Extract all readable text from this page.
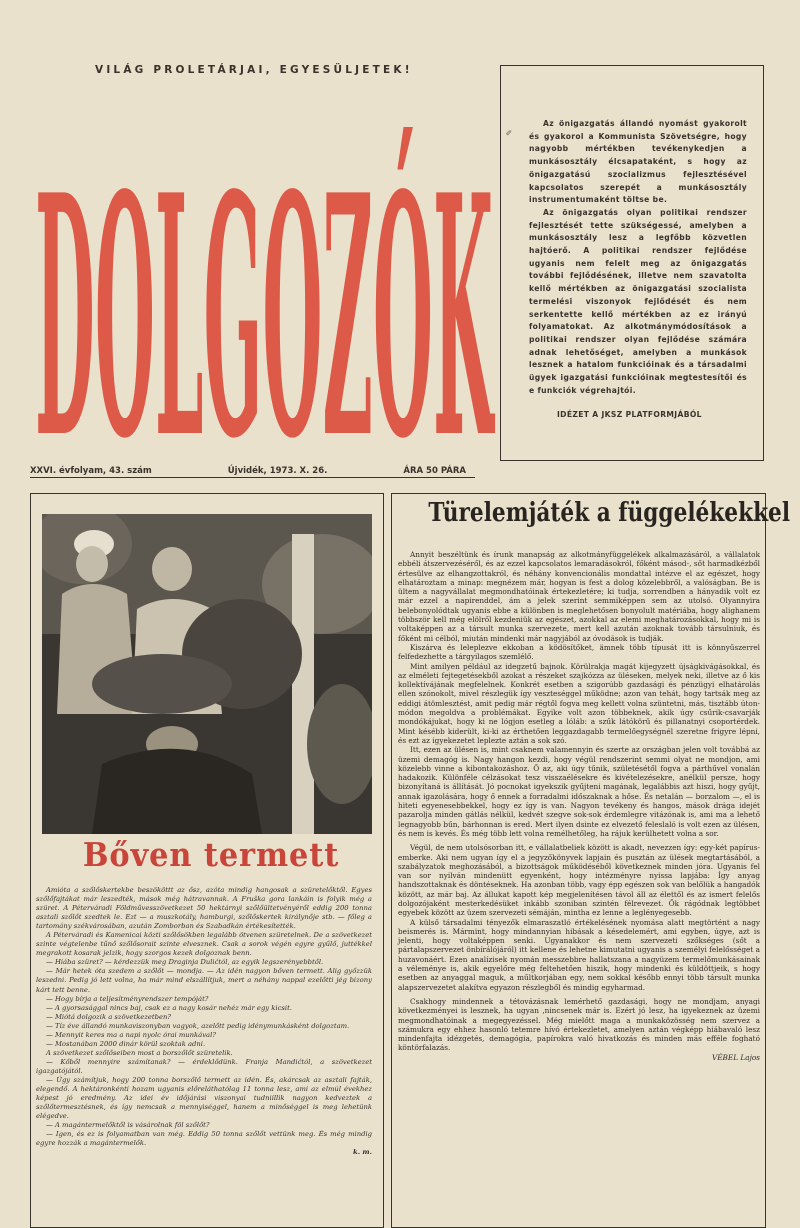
VILÁG PROLETÁRJAI, EGYESÜLJETEK!
DOLGOZÓK	Az önigazgatás állandó nyomást gyakorolt és gyakorol a Kommunista Szövetségre, hogy nagyobb mértékben tevékenykedjen a munkásosztály élcsapataként, s hogy az önigazgatású szocializmus fejlesztésével kapcsolatos szerepét a munkásosztály instrumentumaként töltse be.

Az önigazgatás olyan politikai rendszer fejlesztését tette szükségessé, amelyben a munkásosztály lesz a legfőbb közvetlen hajtóerő. A politikai rendszer fejlődése ugyanis nem felelt meg az önigazgatás további fejlődésének, illetve nem szavatolta kellő mértékben az önigazgatási szocialista termelési viszonyok fejlődését és nem serkentette kellő mértékben az ez irányú folyamatokat. Az alkotmánymódosítások a politikai rendszer olyan fejlődése számára adnak lehetőséget, amelyben a munkások lesznek a hatalom funkcióinak és a társadalmi ügyek igazgatási funkcióinak megtestesítői és e funkciók végrehajtói.

IDÉZET A JKSZ PLATFORMJÁBÓL

✎
XXVI. évfolyam, 43. szám	Újvidék, 1973. X. 26.	ÁRA 50 PÁRA
Bőven termett

Amióta a szőlőskertekbe beszököttt az ősz, azóta mindig hangosak a szüretelőktől. Egyes szőlőfajtákat már leszedték, mások még hátravannak. A Fruška gora lankáin is folyik még a szüret. A Péterváradi Földművesszövetkezet 50 hektárnyi szőlőültetvényéről eddig 200 tonna asztali szőlőt szedtek le. Ezt — a muszkotály, hamburgi, szőlőskertek királynője stb. — főleg a tartomány székvárosában, azután Zomborban és Szabadkán értékesítették.

A Péterváradi és Kamenicai közti szőlősökben legalább ötvenen szüretelnek. De a szövetkezet szinte végtelenbe tűnő szőlősorait szinte elvesznek. Csak a sorok végén egyre gyűlő, juttékkel megrakott kosarak jelzik, hogy szorgos kezek dolgoznak benn.

— Hiába szüret? — kérdezzük meg Draginja Dulićtól, az egyik legszerényebbtől.

— Már hetek óta szedem a szőlőt — mondja. — Az idén nagyon bőven termett. Alig győzzük leszedni. Pedig jó lett volna, ha már mind elszállítjuk, mert a néhány nappal ezelőtti jég bizony kárt tett benne.

— Hogy bírja a teljesítményrendszer tempóját?

— A gyorsasággal nincs baj, csak ez a nagy kosár nehéz már egy kicsit.

— Miótá dolgozik a szövetkezetben?

— Tíz éve állandó munkaviszonyban vagyok, azelőtt pedig idénymunkásként dolgoztam.

— Mennyit keres ma a napi nyolc órai munkával?

— Mostanában 2000 dinár körül szoktak adni.

A szövetkezet szőlőseiben most a borszőlőt szüretelik.

— Kőből mennyire számítanak? — érdeklődünk. Franja Mandićtól, a szövetkezet igazgatójától.

— Úgy számítjuk, hogy 200 tonna borszőlő termett az idén. És, akárcsak az asztali fajták, elegendő. A hektáronkénti hozam ugyanis előreláthatólag 11 tonna lesz, ami az elmúl évekhez képest jó eredmény. Az idei év időjárási viszonyai tudniillik nagyon kedveztek a szőlőtermesztésnek, és így nemcsak a mennyiséggel, hanem a minőséggel is meg lehetünk elégedve.

— A magántermelőktől is vásárolnak föl szőlőt?

— Igen, és ez is folyamatban van még. Eddig 50 tonna szőlőt vettünk meg. És még mindig egyre hozzák a magántermelők.

k. m.

Türelemjáték a függelékekkel

Annyit beszéltünk és írunk manapság az alkotmányfüggelékek alkalmazásáról, a vállalatok ebbéli átszervezéséről, és az ezzel kapcsolatos lemaradásokról, főként másod-, sőt harmadkézből értesülve az elhangzottakról, és néhány konvencionális mondattal intézve el az egészet, hogy elhatároztam a minap: megnézem már, hogyan is fest a dolog közelebbről, a valóságban. Be is ültem a nagyvállalat megmondhatóinak értekezletére; ki tudja, sorrendben a hányadik volt ez már ezzel a napirenddel, ám a jelek szerint semmiképpen sem az utolsó. Olyannyira belebonyolódtak ugyanis ebbe a különben is meglehetősen bonyolult matériába, hogy alighanem többször kell még elölről kezdeniük az egészet, azokkal az elemi meghatározásokkal, hogy mi is voltaképpen az a társult munka szervezete, mert kell azután azoknak tovább társulniuk, és főként mi célból, miután mindenki már nagyjából az óvodások is tudják.

Kiszárva és leleplezve ekkoban a ködösítőket, ämnek több típusát itt is könnyűszerrel felfedezhette a tárgyilagos szemlélő.

Mint amilyen például az idegzetű bajnok. Körülrakja magát kijegyzett újságkivágásokkal, és az elméleti fejtegetésekből azokat a részeket szajkózza az üléseken, melyek neki, illetve az ő kis kollektívájának megfelelnek. Konkrét esetben a szigorúbb gazdasági és pénzügyi elhatárolás ellen szónokolt, mivel részlegük így veszteséggel működne; azon van tehát, hogy tartsák meg az eddigi átömlesztést, amit pedig már régtől fogva meg kellett volna szüntetni, más, tisztább úton-módon megoldva a problémákat. Egyike volt azon többeknek, akik úgy csűrik-csavarják mondókájukat, hogy ki ne lógjon esetleg a lóláb: a szűk látókörű és pillanatnyi csoportérdek. Mint késébb kiderült, ki-ki az érthetően leggazdagabb termelőegységnél szeretne frigyre lépni, és ezt az igyekezetet leplezte aztán a sok szó.

Itt, ezen az ülésen is, mint csaknem valamennyin és szerte az országban jelen volt továbbá az üzemi demagóg is. Nagy hangon kezdi, hogy végül rendszerint semmi olyat ne mondjon, ami közelebb vinne a kibontakozáshoz. Ő az, aki úgy tűnik, születésétől fogva a párthűvel vonalán hadakozik. Különféle célzásokat tesz visszaélésekre és kivételezésekre, anélkül persze, hogy bizonyítaná is állítását. Jó pocnokat igyekszik gyűjteni magának, legalábbis azt hiszi, hogy gyűjt, annak igazolására, hogy ő ennek a forradalmi időszaknak a hőse. És netalán — borzalom —, el is hiteti egyenesebbekkel, hogy ez így is van. Nagyon tevékeny és hangos, mások drága idejét pazarolja minden gátlás nélkül, kedvét szegve sok-sok érdemlegre vitázónak is, ami ma a lehető legnagyobb bűn, bárhonnan is ered. Mert ilyen dsinte ez elvezető feleslaló is volt ezen az ülésen, és nem is kevés. És még több lett volna remélhetőleg, ha rájuk kerülhetett volna a sor.

Végül, de nem utolsósorban itt, e vállalatbeliek között is akadt, nevezzen így: egy-két papírus-emberke. Aki nem ugyan így el a jegyzőkönyvek lapjain és pusztán az ülések megtartásából, a szabályzatok meghozásából, a bizottságok működéséből következnek minden jóra. Ugyanis fel van sor nyilván mindenütt egyenként, hogy intézményre nyissa lapjába: Így anyag handszottaknak és döntéseknek. Ha azonban több, vagy épp egészen sok van belőlük a hangadók között, az már baj. Az állukat kapott kép megjelenítésen távol áll az élettől és az ismert felelős dolgozójaként mesterkedésüket inkább szoniban szintén félrevezet. Ők rágódnak legtöbbet egyebek között az üzem szervezeti sémáján, mintha ez lenne a leglényegesebb.

A külső társadalmi tényezők elmaraszatló értékelésének nyomása alatt megtörtént a nagy beismerés is. Mármint, hogy mindannyian hibásak a késedelemért, ami egyben, úgye, azt is jelenti, hogy voltaképpen senki. Ugyanakkor és nem szervezeti szőkséges (sőt a pártalapszervezet önbírálójáról) itt kellene és lehetne kimutatni ugyanis a személyi felelősséget a huzavonáért. Ezen analízisek nyomán messzebbre hallatszana a nagyüzem termelőmunkásainak a véleménye is, akik egyelőre még feltehetően hiszik, hogy mindenki és küldöttjeik, s hogy esetben az anyaggal maguk, a műltkorjában egy, nem sokkal később ennyi több társult munka alapszervezetet alakítva egyazon részlegből és mindig egyharmad.

Csakhogy mindennek a tétovázásnak lemérhető gazdasági, hogy ne mondjam, anyagi következményei is lesznek, ha ugyan ‚nincsenek már is. Ezért jó lesz, ha igyekeznek az üzemi megmondhatóinak a megegyezéssel. Még mielőtt maga a munkaközösség nem szervez a számukra egy ehhez hasonló tetemre hívó értekezletet, amelyen aztán végképp hiábavaló lesz mindenfajta idézgetés, demagógia, papírokra való hivatkozás és minden más efféle fogható köntörfalazás.

VÉBEL Lajos
